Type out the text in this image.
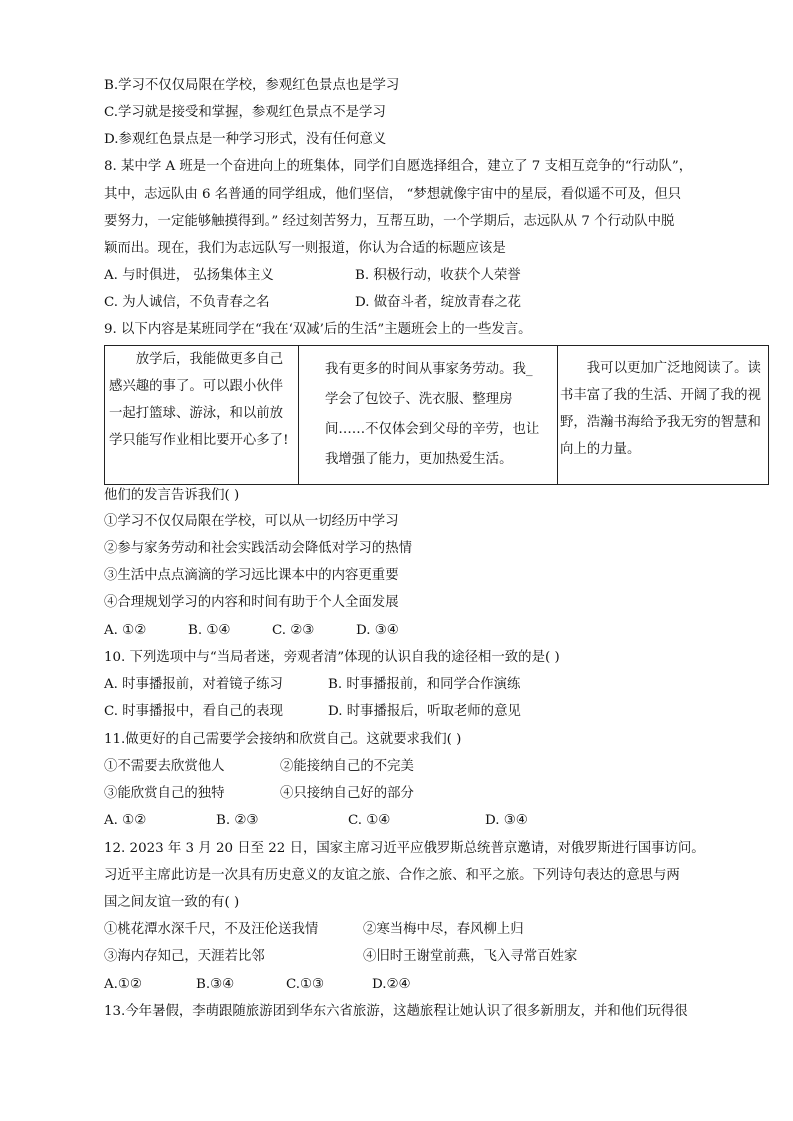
B.学习不仅仅局限在学校，参观红色景点也是学习
C.学习就是接受和掌握，参观红色景点不是学习
D.参观红色景点是一种学习形式，没有任何意义
8. 某中学 A 班是一个奋进向上的班集体，同学们自愿选择组合，建立了 7 支相互竞争的“行动队”，
其中，志远队由 6 名普通的同学组成，他们坚信， “梦想就像宇宙中的星辰，看似遥不可及，但只
要努力，一定能够触摸得到。” 经过刻苦努力，互帮互助，一个学期后，志远队从 7 个行动队中脱
颖而出。现在，我们为志远队写一则报道，你认为合适的标题应该是
A. 与时俱进， 弘扬集体主义	B. 积极行动，收获个人荣誉
C. 为人诚信，不负青春之名	D. 做奋斗者，绽放青春之花
9. 以下内容是某班同学在“我在‘双减’后的生活”主题班会上的一些发言。
放学后，我能做更多自己感兴趣的事了。可以跟小伙伴一起打篮球、游泳，和以前放学只能写作业相比要开心多了!

我有更多的时间从事家务劳动。我_学会了包饺子、洗衣服、整理房间……不仅体会到父母的辛劳，也让我增强了能力，更加热爱生活。

我可以更加广泛地阅读了。读书丰富了我的生活、开阔了我的视野，浩瀚书海给予我无穷的智慧和向上的力量。
他们的发言告诉我们( )
①学习不仅仅局限在学校，可以从一切经历中学习
②参与家务劳动和社会实践活动会降低对学习的热情
③生活中点点滴滴的学习远比课本中的内容更重要
④合理规划学习的内容和时间有助于个人全面发展
A. ①②	B. ①④	C. ②③	D. ③④
10. 下列选项中与“当局者迷，旁观者清”体现的认识自我的途径相一致的是( )
A. 时事播报前，对着镜子练习	B. 时事播报前，和同学合作演练
C. 时事播报中，看自己的表现	D. 时事播报后，听取老师的意见
11.做更好的自己需要学会接纳和欣赏自己。这就要求我们( )
①不需要去欣赏他人	②能接纳自己的不完美
③能欣赏自己的独特	④只接纳自己好的部分
A. ①②	B. ②③	C. ①④	D. ③④
12. 2023 年 3 月 20 日至 22 日，国家主席习近平应俄罗斯总统普京邀请，对俄罗斯进行国事访问。
习近平主席此访是一次具有历史意义的友谊之旅、合作之旅、和平之旅。下列诗句表达的意思与两
国之间友谊一致的有( )
①桃花潭水深千尺，不及汪伦送我情	②寒当梅中尽，春风柳上归
③海内存知己，天涯若比邻	④旧时王谢堂前燕，飞入寻常百姓家
A.①②	B.③④	C.①③	D.②④
13.今年暑假，李萌跟随旅游团到华东六省旅游，这趟旅程让她认识了很多新朋友，并和他们玩得很
